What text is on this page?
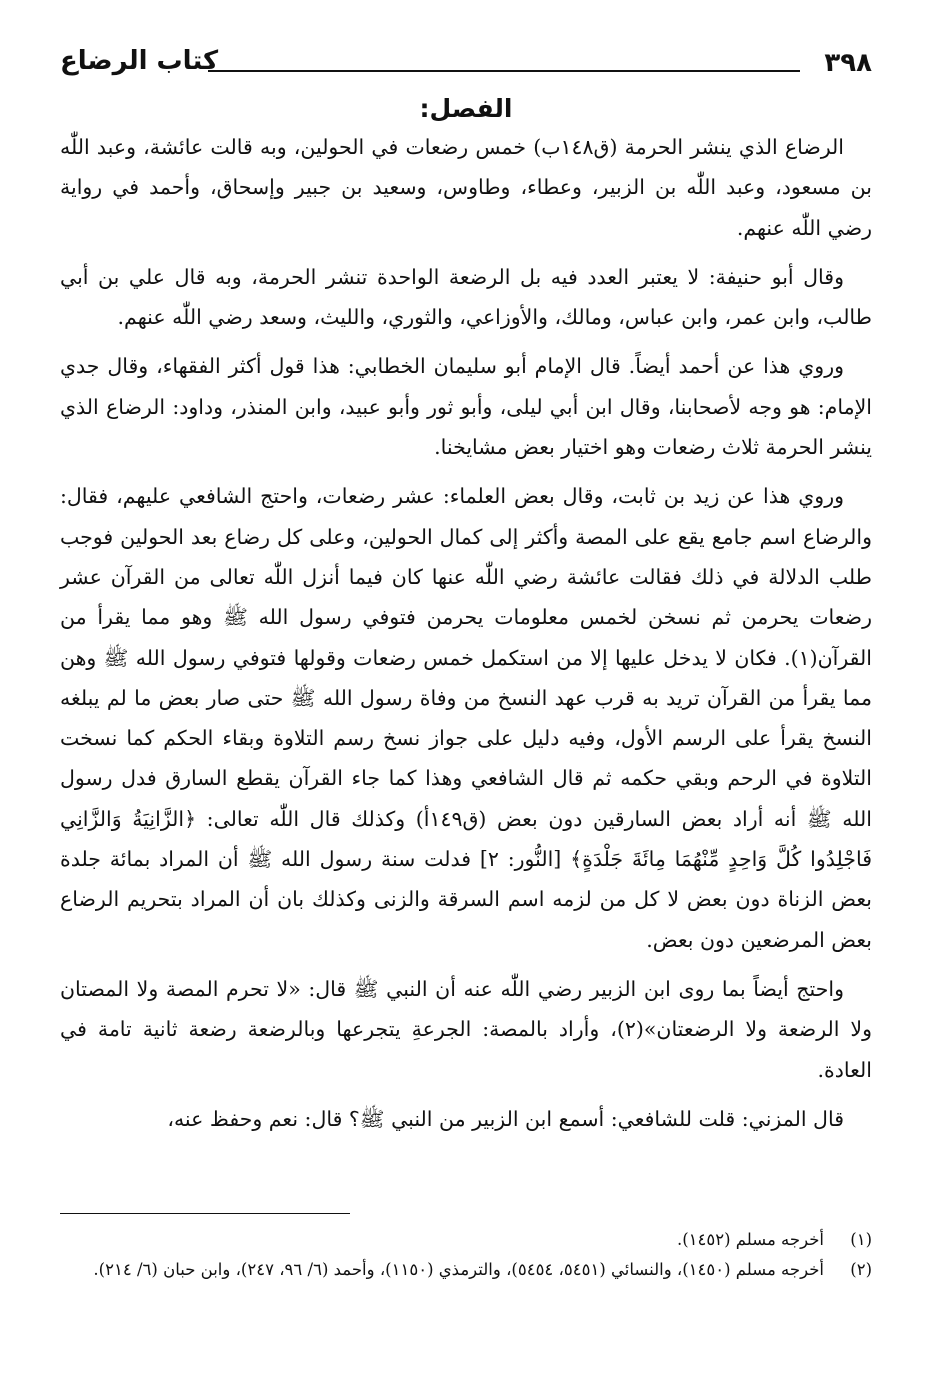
٣٩٨
كتاب الرضاع
الفصل:

الرضاع الذي ينشر الحرمة (ق١٤٨ب) خمس رضعات في الحولين، وبه قالت عائشة، وعبد اللّٰه بن مسعود، وعبد اللّٰه بن الزبير، وعطاء، وطاوس، وسعيد بن جبير وإسحاق، وأحمد في رواية رضي اللّٰه عنهم.

وقال أبو حنيفة: لا يعتبر العدد فيه بل الرضعة الواحدة تنشر الحرمة، وبه قال علي بن أبي طالب، وابن عمر، وابن عباس، ومالك، والأوزاعي، والثوري، والليث، وسعد رضي اللّٰه عنهم.

وروي هذا عن أحمد أيضاً. قال الإمام أبو سليمان الخطابي: هذا قول أكثر الفقهاء، وقال جدي الإمام: هو وجه لأصحابنا، وقال ابن أبي ليلى، وأبو ثور وأبو عبيد، وابن المنذر، وداود: الرضاع الذي ينشر الحرمة ثلاث رضعات وهو اختيار بعض مشايخنا.

وروي هذا عن زيد بن ثابت، وقال بعض العلماء: عشر رضعات، واحتج الشافعي عليهم، فقال: والرضاع اسم جامع يقع على المصة وأكثر إلى كمال الحولين، وعلى كل رضاع بعد الحولين فوجب طلب الدلالة في ذلك فقالت عائشة رضي اللّٰه عنها كان فيما أنزل اللّٰه تعالى من القرآن عشر رضعات يحرمن ثم نسخن لخمس معلومات يحرمن فتوفي رسول الله ﷺ وهو مما يقرأ من القرآن(١). فكان لا يدخل عليها إلا من استكمل خمس رضعات وقولها فتوفي رسول الله ﷺ وهن مما يقرأ من القرآن تريد به قرب عهد النسخ من وفاة رسول الله ﷺ حتى صار بعض ما لم يبلغه النسخ يقرأ على الرسم الأول، وفيه دليل على جواز نسخ رسم التلاوة وبقاء الحكم كما نسخت التلاوة في الرحم وبقي حكمه ثم قال الشافعي وهذا كما جاء القرآن يقطع السارق فدل رسول الله ﷺ أنه أراد بعض السارقين دون بعض (ق١٤٩أ) وكذلك قال اللّٰه تعالى: ﴿الزَّانِيَةُ وَالزَّانِي فَاجْلِدُوا كُلَّ وَاحِدٍ مِّنْهُمَا مِائَةَ جَلْدَةٍ﴾ [النُّور: ٢] فدلت سنة رسول الله ﷺ أن المراد بمائة جلدة بعض الزناة دون بعض لا كل من لزمه اسم السرقة والزنى وكذلك بان أن المراد بتحريم الرضاع بعض المرضعين دون بعض.

واحتج أيضاً بما روى ابن الزبير رضي اللّٰه عنه أن النبي ﷺ قال: «لا تحرم المصة ولا المصتان ولا الرضعة ولا الرضعتان»(٢)، وأراد بالمصة: الجرعةِ يتجرعها وبالرضعة رضعة ثانية تامة في العادة.

قال المزني: قلت للشافعي: أسمع ابن الزبير من النبي ﷺ؟ قال: نعم وحفظ عنه،

(١)
أخرجه مسلم (١٤٥٢).
(٢)
أخرجه مسلم (١٤٥٠)، والنسائي (٥٤٥١، ٥٤٥٤)، والترمذي (١١٥٠)، وأحمد (٦/ ٩٦، ٢٤٧)، وابن حبان (٦/ ٢١٤).
